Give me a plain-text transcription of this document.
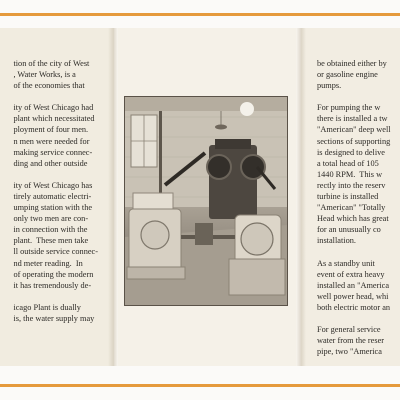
tion of the city of West
, Water Works, is a
of the economies that
ity of West Chicago had
plant which necessitated
ployment of four men.
n men were needed for
making service connec-
ding and other outside
ity of West Chicago has
tirely automatic electri-
umping station with the
only two men are con-
in connection with the
plant.  These men take
ll outside service connec-
nd meter reading.  In
of operating the modern
it has tremendously de-
icago Plant is dually
is, the water supply may
be obtained either by
or gasoline engine
pumps.
For pumping the w
there is installed a tw
"American" deep well
sections of supporting
is designed to delive
a total head of 105
1440 RPM.  This w
rectly into the reserv
turbine is installed
"American" "Totally
Head which has great
for an unusually co
installation.
As a standby unit
event of extra heavy
installed an "America
well power head, whi
both electric motor an
For general service
water from the reser
pipe, two "America
